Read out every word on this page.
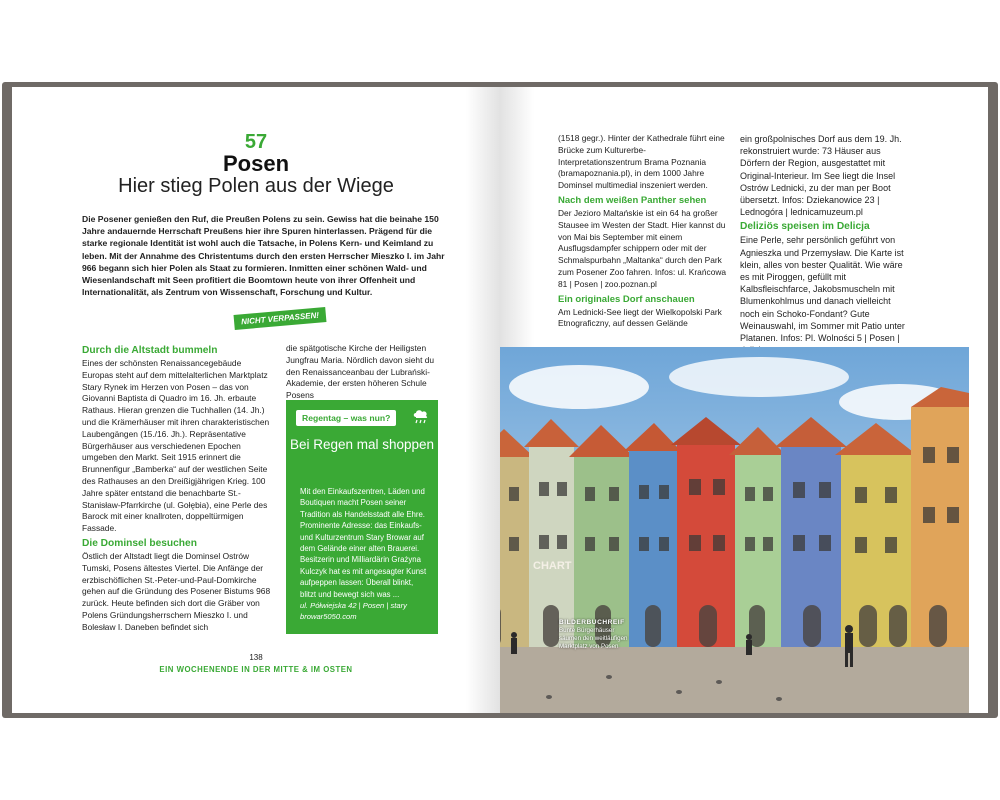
57
Posen
Hier stieg Polen aus der Wiege
Die Posener genießen den Ruf, die Preußen Polens zu sein. Gewiss hat die beinahe 150 Jahre andauernde Herrschaft Preußens hier ihre Spuren hinterlassen. Prägend für die starke regionale Identität ist wohl auch die Tatsache, in Polens Kern- und Keimland zu leben. Mit der Annahme des Christentums durch den ersten Herrscher Mieszko I. im Jahr 966 begann sich hier Polen als Staat zu formieren. Inmitten einer schönen Wald- und Wiesenlandschaft mit Seen profitiert die Boomtown heute von ihrer Offenheit und Internationalität, als Zentrum von Wissenschaft, Forschung und Kultur.
NICHT VERPASSEN!
Durch die Altstadt bummeln

Eines der schönsten Renaissancegebäude Europas steht auf dem mittelalterlichen Marktplatz Stary Rynek im Herzen von Posen – das von Giovanni Baptista di Quadro im 16. Jh. erbaute Rathaus. Hieran grenzen die Tuchhallen (14. Jh.) und die Krämerhäuser mit ihren charakteristischen Laubengängen (15./16. Jh.). Repräsentative Bürgerhäuser aus verschiedenen Epochen umgeben den Markt. Seit 1915 erinnert die Brunnenfigur „Bamberka“ auf der westlichen Seite des Rathauses an den Dreißigjährigen Krieg. 100 Jahre später entstand die benachbarte St.-Stanisław-Pfarrkirche (ul. Gołębia), eine Perle des Barock mit einer knallroten, doppeltürmigen Fassade.

Die Dominsel besuchen

Östlich der Altstadt liegt die Dominsel Ostrów Tumski, Posens ältestes Viertel. Die Anfänge der erzbischöflichen St.-Peter-und-Paul-Domkirche gehen auf die Gründung des Posener Bistums 968 zurück. Heute befinden sich dort die Gräber von Polens Gründungsherrschern Mieszko I. und Bolesław I. Daneben befindet sich

die spätgotische Kirche der Heiligsten Jungfrau Maria. Nördlich davon sieht du den Renaissanceanbau der Lubrański-Akademie, der ersten höheren Schule Posens

Regentag – was nun?
Bei Regen mal shoppen
Mit den Einkaufszentren, Läden und Boutiquen macht Posen seiner Tradition als Handelsstadt alle Ehre. Prominente Adresse: das Einkaufs- und Kulturzentrum Stary Browar auf dem Gelände einer alten Brauerei. Besitzerin und Milliardärin Grażyna Kulczyk hat es mit angesagter Kunst aufpeppen lassen: Überall blinkt, blitzt und bewegt sich was ...
ul. Półwiejska 42 | Posen | stary browar5050.com
138
EIN WOCHENENDE IN DER MITTE & IM OSTEN

(1518 gegr.). Hinter der Kathedrale führt eine Brücke zum Kulturerbe-Interpretationszentrum Brama Poznania (bramapoznania.pl), in dem 1000 Jahre Dominsel multimedial inszeniert werden.

Nach dem weißen Panther sehen

Der Jezioro Maltańskie ist ein 64 ha großer Stausee im Westen der Stadt. Hier kannst du von Mai bis September mit einem Ausflugsdampfer schippern oder mit der Schmalspurbahn „Maltanka“ durch den Park zum Posener Zoo fahren. Infos: ul. Krańcowa 81 | Posen | zoo.poznan.pl

Ein originales Dorf anschauen

Am Lednicki-See liegt der Wielkopolski Park Etnograficzny, auf dessen Gelände

ein großpolnisches Dorf aus dem 19. Jh. rekonstruiert wurde: 73 Häuser aus Dörfern der Region, ausgestattet mit Original-Interieur. Im See liegt die Insel Ostrów Lednicki, zu der man per Boot übersetzt. Infos: Dziekanowice 23 | Lednogóra | lednicamuzeum.pl

Deliziös speisen im Delicja

Eine Perle, sehr persönlich geführt von Agnieszka und Przemysław. Die Karte ist klein, alles von bester Qualität. Wie wäre es mit Piroggen, gefüllt mit Kalbsfleischfarce, Jakobsmuscheln mit Blumenkohlmus und danach vielleicht noch ein Schoko-Fondant? Gute Weinauswahl, im Sommer mit Patio unter Platanen. Infos: Pl. Wolności 5 | Posen |

CHART
BILDERBUCHREIF
Bunte Bürgerhäuser säumen den weitläufigen Marktplatz von Posen
